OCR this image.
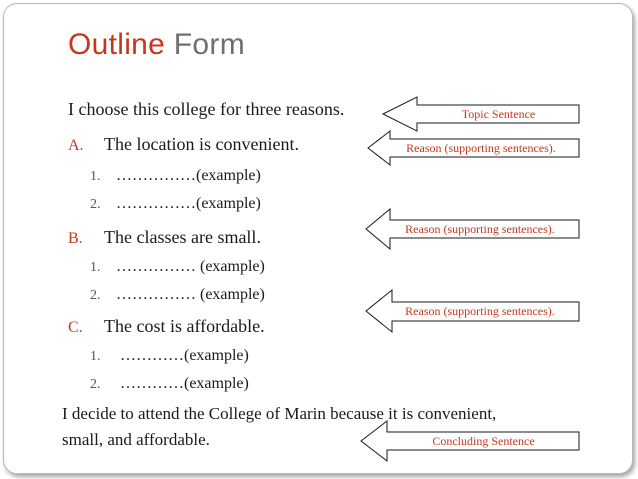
Outline Form
I choose this college for three reasons.
A. The location is convenient.
1. ……………(example)
2. ……………(example)
B. The classes are small.
1. …………… (example)
2. …………… (example)
C. The cost is affordable.
1. …………(example)
2. …………(example)
I decide to attend the College of Marin because it is convenient,
small, and affordable.
Topic Sentence
Reason (supporting sentences).
Reason (supporting sentences).
Reason (supporting sentences).
Concluding Sentence
